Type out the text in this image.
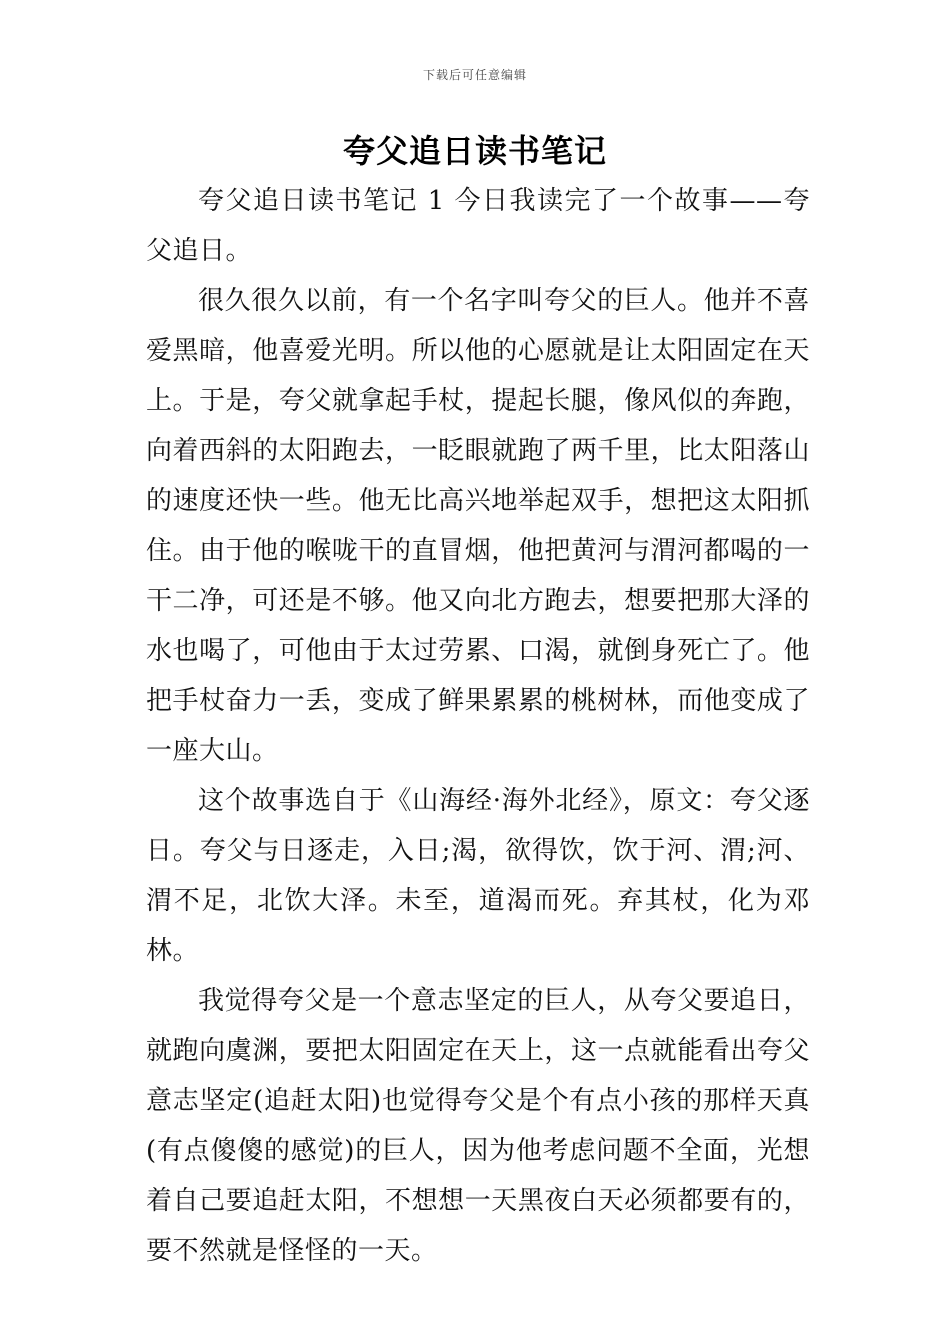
下载后可任意编辑
夸父追日读书笔记

夸父追日读书笔记 1 今日我读完了一个故事——夸父追日。

很久很久以前，有一个名字叫夸父的巨人。他并不喜爱黑暗，他喜爱光明。所以他的心愿就是让太阳固定在天上。于是，夸父就拿起手杖，提起长腿，像风似的奔跑，向着西斜的太阳跑去，一眨眼就跑了两千里，比太阳落山的速度还快一些。他无比高兴地举起双手，想把这太阳抓住。由于他的喉咙干的直冒烟，他把黄河与渭河都喝的一干二净，可还是不够。他又向北方跑去，想要把那大泽的水也喝了，可他由于太过劳累、口渴，就倒身死亡了。他把手杖奋力一丢，变成了鲜果累累的桃树林，而他变成了一座大山。

这个故事选自于《山海经·海外北经》，原文：夸父逐日。夸父与日逐走，入日;渴，欲得饮，饮于河、渭;河、渭不足，北饮大泽。未至，道渴而死。弃其杖，化为邓林。

我觉得夸父是一个意志坚定的巨人，从夸父要追日，就跑向虞渊，要把太阳固定在天上，这一点就能看出夸父意志坚定(追赶太阳)也觉得夸父是个有点小孩的那样天真(有点傻傻的感觉)的巨人，因为他考虑问题不全面，光想着自己要追赶太阳，不想想一天黑夜白天必须都要有的，要不然就是怪怪的一天。
